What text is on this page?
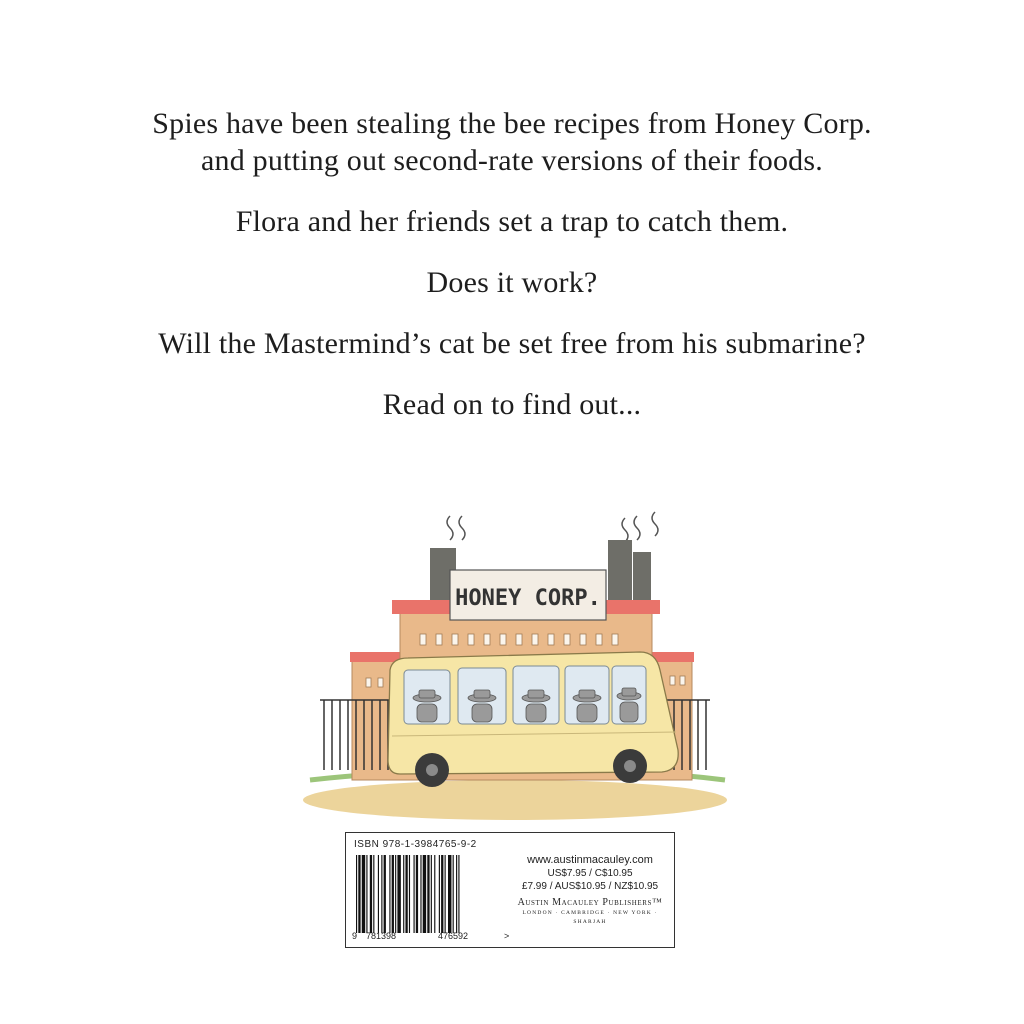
Spies have been stealing the bee recipes from Honey Corp.

and putting out second-rate versions of their foods.

Flora and her friends set a trap to catch them.

Does it work?

Will the Mastermind’s cat be set free from his submarine?

Read on to find out...

HONEY CORP.
ISBN 978-1-3984765-9-2
9 781398	476592	>
www.austinmacauley.com
US$7.95 / C$10.95
£7.99 / AUS$10.95 / NZ$10.95
Austin Macauley Publishers™
LONDON · CAMBRIDGE · NEW YORK · SHARJAH
